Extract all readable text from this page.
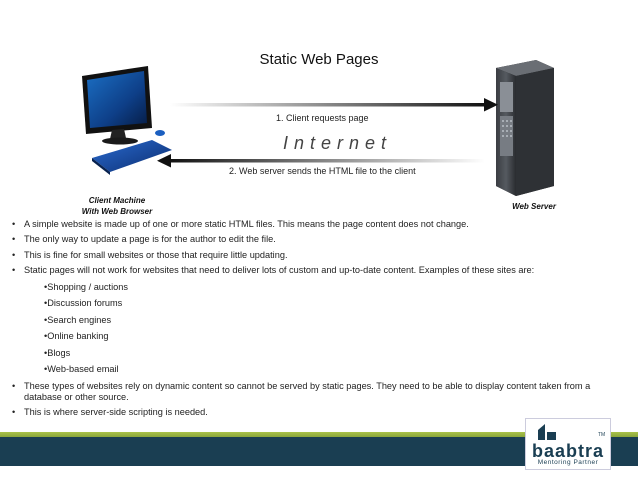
Static Web Pages
1. Client requests page
Internet
2. Web server sends the HTML file to the client
Client Machine
With Web Browser
Web Server
• A simple website is made up of one or more static HTML files. This means the page content does not change.
• The only way to update a page is for the author to edit the file.
• This is fine for small websites or those that require little updating.
• Static pages will not work for websites that need to deliver lots of custom and up-to-date content. Examples of these sites are:
•Shopping / auctions
•Discussion forums
•Search engines
•Online banking
•Blogs
•Web-based email
• These types of websites rely on dynamic content so cannot be served by static pages. They need to be able to display content taken from a database or other source.
• This is where server-side scripting is needed.
TM
baabtra
Mentoring Partner
